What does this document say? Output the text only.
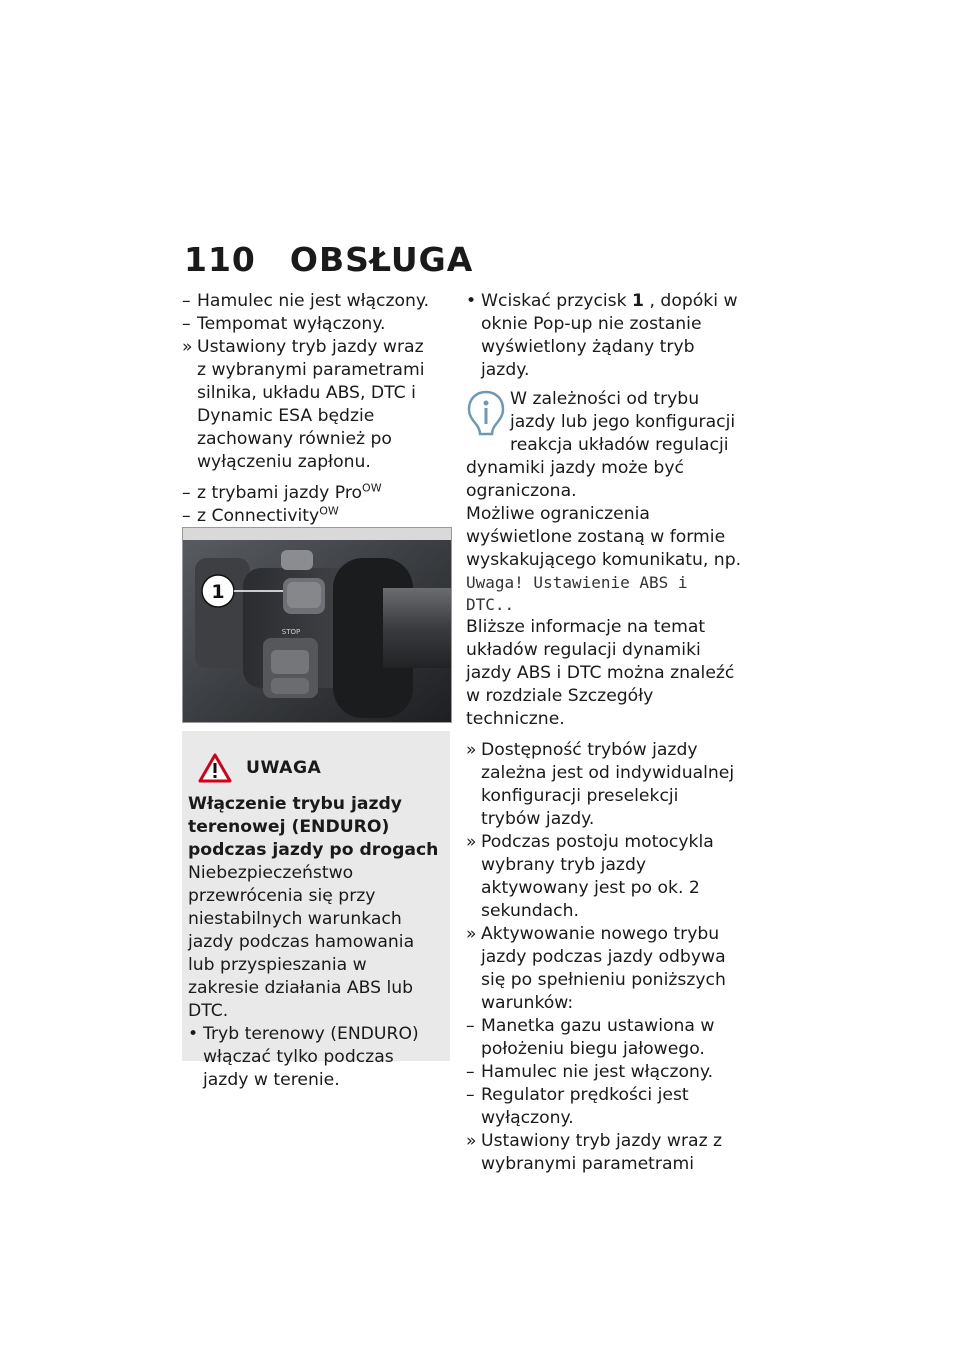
110 OBSŁUGA
– Hamulec nie jest włączony.
– Tempomat wyłączony.
» Ustawiony tryb jazdy wraz z wybranymi parametrami silnika, układu ABS, DTC i Dynamic ESA będzie zachowany również po wyłączeniu zapłonu.
– z trybami jazdy Pro$^{OW}$
– z Connectivity$^{OW}$
STOP
1
UWAGA

Włączenie trybu jazdy terenowej (ENDURO) podczas jazdy po drogach

Niebezpieczeństwo przewrócenia się przy niestabilnych warunkach jazdy podczas hamowania lub przyspieszania w zakresie działania ABS lub DTC.

• Tryb terenowy (ENDURO) włączać tylko podczas jazdy w terenie.
• Wciskać przycisk 1 , dopóki w oknie Pop-up nie zostanie wyświetlony żądany tryb jazdy.
W zależności od trybu jazdy lub jego konfiguracji reakcja układów regulacji dynamiki jazdy może być ograniczona.

Możliwe ograniczenia wyświetlone zostaną w formie wyskakującego komunikatu, np.

Uwaga! Ustawienie ABS i DTC..

Bliższe informacje na temat układów regulacji dynamiki jazdy ABS i DTC można znaleźć w rozdziale Szczegóły techniczne.

» Dostępność trybów jazdy zależna jest od indywidualnej konfiguracji preselekcji trybów jazdy.
» Podczas postoju motocykla wybrany tryb jazdy aktywowany jest po ok. 2 sekundach.
» Aktywowanie nowego trybu jazdy podczas jazdy odbywa się po spełnieniu poniższych warunków:
– Manetka gazu ustawiona w położeniu biegu jałowego.
– Hamulec nie jest włączony.
– Regulator prędkości jest wyłączony.
» Ustawiony tryb jazdy wraz z wybranymi parametrami
